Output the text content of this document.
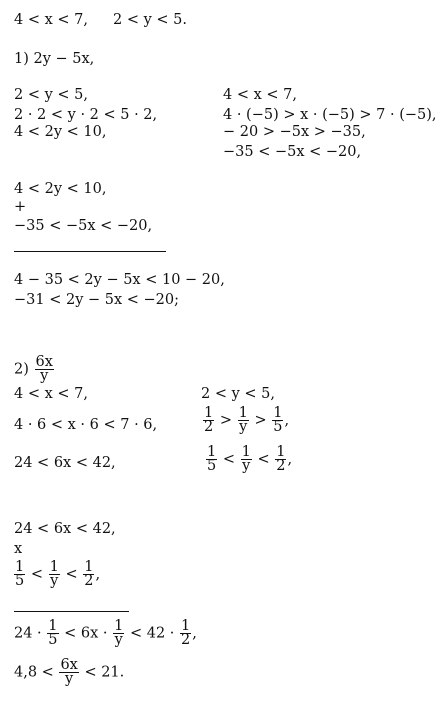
4 < x < 7, 2 < y < 5.
1) 2y − 5x,
2 < y < 5,
2 · 2 < y · 2 < 5 · 2,
4 < 2y < 10,
4 < x < 7,
4 · (−5) > x · (−5) > 7 · (−5),
− 20 > −5x > −35,
−35 < −5x < −20,
4 < 2y < 10,
+
−35 < −5x < −20,
4 − 35 < 2y − 5x < 10 − 20,
−31 < 2y − 5x < −20;
$2) \frac{6x}{y}$
4 < x < 7,
4 · 6 < x · 6 < 7 · 6,
24 < 6x < 42,
2 < y < 5,
$\frac{1}{2} > \frac{1}{y} > \frac{1}{5}$ ,
$\frac{1}{5} < \frac{1}{y} < \frac{1}{2}$ ,
24 < 6x < 42,
x
$\frac{1}{5} < \frac{1}{y} < \frac{1}{2}$ ,
$24 \cdot \frac{1}{5} < 6x \cdot \frac{1}{y} < 42 \cdot \frac{1}{2}$ ,
$4,8 < \frac{6x}{y} < 21$.
